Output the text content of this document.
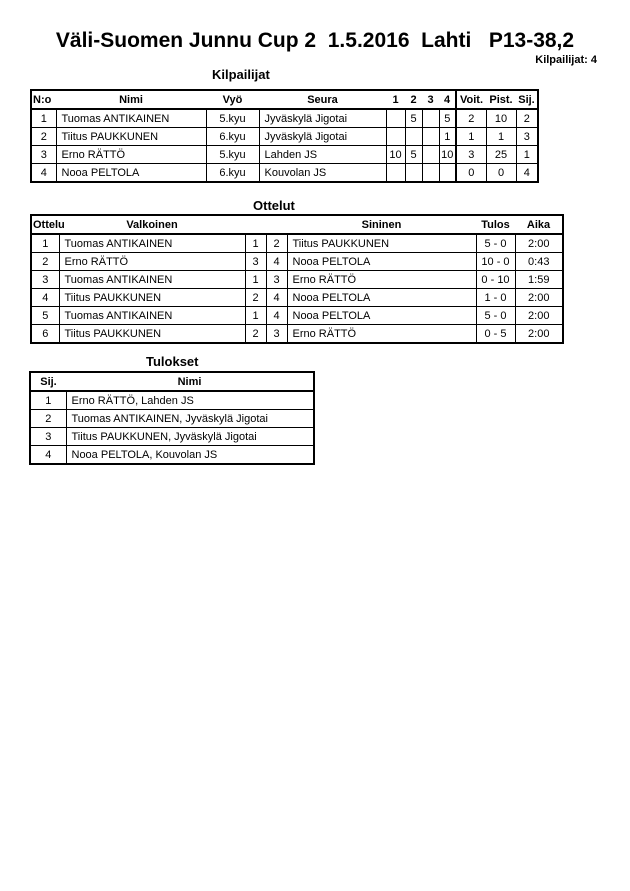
Väli-Suomen Junnu Cup 2  1.5.2016  Lahti   P13-38,2
Kilpailijat: 4
Kilpailijat
N:o	Nimi	Vyö	Seura	1	2	3	4	Voit.	Pist.	Sij.
1	Tuomas ANTIKAINEN	5.kyu	Jyväskylä Jigotai		5		5	2	10	2
2	Tiitus PAUKKUNEN	6.kyu	Jyväskylä Jigotai				1	1	1	3
3	Erno RÄTTÖ	5.kyu	Lahden JS	10	5		10	3	25	1
4	Nooa PELTOLA	6.kyu	Kouvolan JS					0	0	4
Ottelut
Ottelu	Valkoinen			Sininen	Tulos	Aika
1	Tuomas ANTIKAINEN	1	2	Tiitus PAUKKUNEN	5 - 0	2:00
2	Erno RÄTTÖ	3	4	Nooa PELTOLA	10 - 0	0:43
3	Tuomas ANTIKAINEN	1	3	Erno RÄTTÖ	0 - 10	1:59
4	Tiitus PAUKKUNEN	2	4	Nooa PELTOLA	1 - 0	2:00
5	Tuomas ANTIKAINEN	1	4	Nooa PELTOLA	5 - 0	2:00
6	Tiitus PAUKKUNEN	2	3	Erno RÄTTÖ	0 - 5	2:00
Tulokset
Sij.	Nimi
1	Erno RÄTTÖ, Lahden JS
2	Tuomas ANTIKAINEN, Jyväskylä Jigotai
3	Tiitus PAUKKUNEN, Jyväskylä Jigotai
4	Nooa PELTOLA, Kouvolan JS
